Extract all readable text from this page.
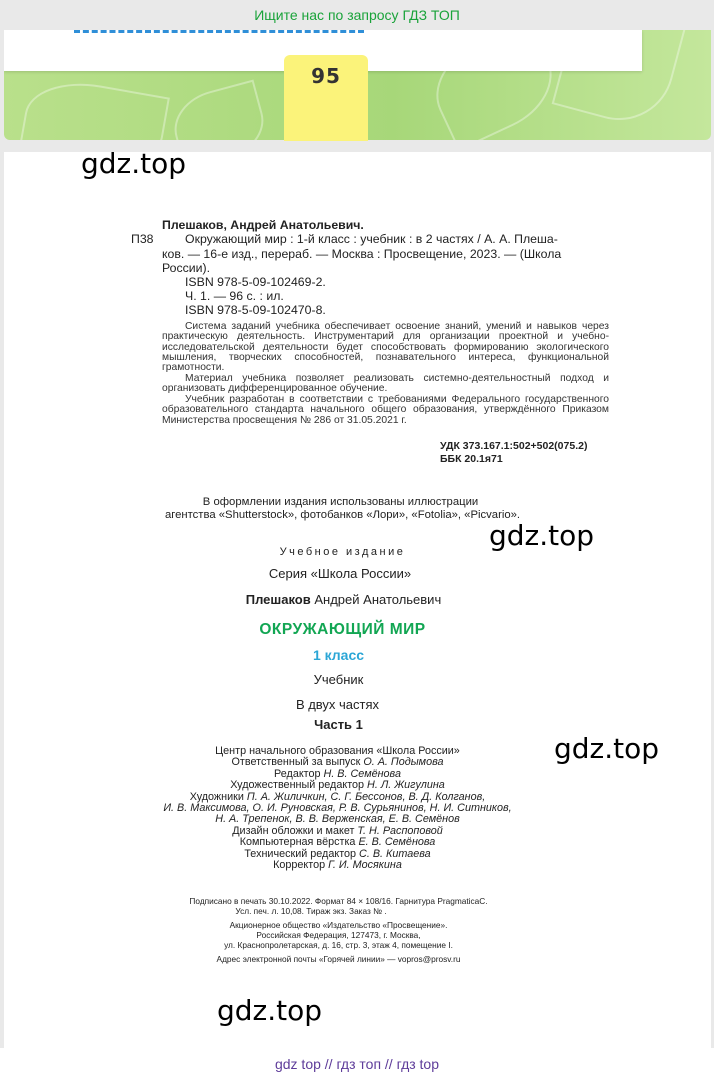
Ищите нас по запросу ГДЗ ТОП
95
gdz.top
Плешаков, Андрей Анатольевич.
П38	Окружающий мир : 1-й класс : учебник : в 2 частях / А. А. Плеша-
ков. — 16-е изд., перераб. — Москва : Просвещение, 2023. — (Школа
России).
ISBN 978-5-09-102469-2.
Ч. 1. — 96 с. : ил.
ISBN 978-5-09-102470-8.
Система заданий учебника обеспечивает освоение знаний, умений и навыков через практическую деятельность. Инструментарий для организации проектной и учебно-исследовательской деятельности будет способствовать формированию экологического мышления, творческих способностей, познавательного интереса, функциональной грамотности.
Материал учебника позволяет реализовать системно-деятельностный подход и организовать дифференцированное обучение.
Учебник разработан в соответствии с требованиями Федерального государственного образовательного стандарта начального общего образования, утверждённого Приказом Министерства просвещения № 286 от 31.05.2021 г.
УДК 373.167.1:502+502(075.2)
ББК 20.1я71
В оформлении издания использованы иллюстрации
агентства «Shutterstock», фотобанков «Лори», «Fotolia», «Picvario».
gdz.top
Учебное издание
Серия «Школа России»
Плешаков Андрей Анатольевич
ОКРУЖАЮЩИЙ МИР
1 класс
Учебник
В двух частях
Часть 1
gdz.top
Центр начального образования «Школа России»
Ответственный за выпуск О. А. Подымова
Редактор Н. В. Семёнова
Художественный редактор Н. Л. Жигулина
Художники П. А. Жиличкин, С. Г. Бессонов, В. Д. Колганов,
И. В. Максимова, О. И. Руновская, Р. В. Сурьянинов, Н. И. Ситников,
Н. А. Трепенок, В. В. Верженская, Е. В. Семёнов
Дизайн обложки и макет Т. Н. Распоповой
Компьютерная вёрстка Е. В. Семёнова
Технический редактор С. В. Китаева
Корректор Г. И. Мосякина
Подписано в печать 30.10.2022. Формат 84 × 108/16. Гарнитура PragmaticaC.
Усл. печ. л. 10,08. Тираж экз. Заказ № .
Акционерное общество «Издательство «Просвещение».
Российская Федерация, 127473, г. Москва,
ул. Краснопролетарская, д. 16, стр. 3, этаж 4, помещение I.
Адрес электронной почты «Горячей линии» — vopros@prosv.ru
gdz.top
gdz top // гдз топ // гдз top
